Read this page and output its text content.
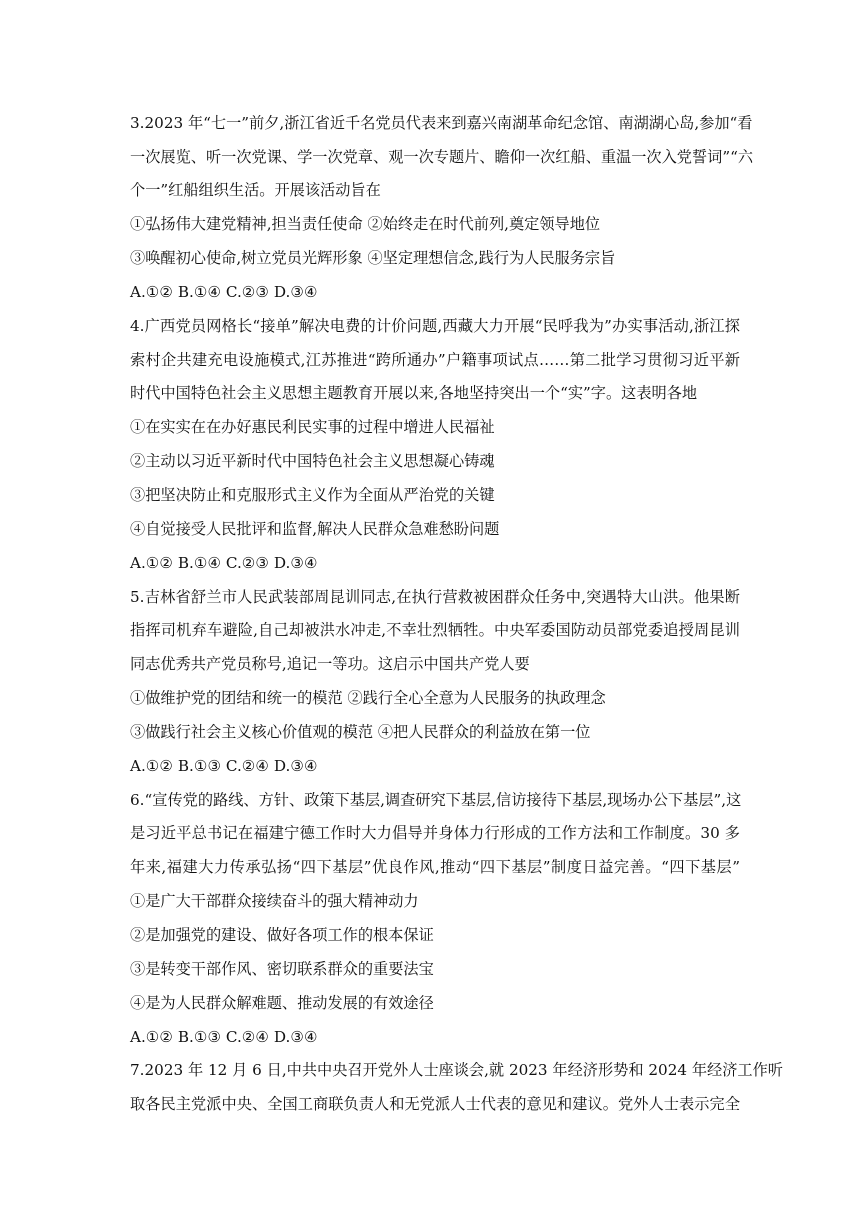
3.2023 年“七一”前夕,浙江省近千名党员代表来到嘉兴南湖革命纪念馆、南湖湖心岛,参加“看
一次展览、听一次党课、学一次党章、观一次专题片、瞻仰一次红船、重温一次入党誓词”“六
个一”红船组织生活。开展该活动旨在
①弘扬伟大建党精神,担当责任使命 ②始终走在时代前列,奠定领导地位
③唤醒初心使命,树立党员光辉形象 ④坚定理想信念,践行为人民服务宗旨
A.①② B.①④ C.②③ D.③④
4.广西党员网格长“接单”解决电费的计价问题,西藏大力开展“民呼我为”办实事活动,浙江探
索村企共建充电设施模式,江苏推进“跨所通办”户籍事项试点……第二批学习贯彻习近平新
时代中国特色社会主义思想主题教育开展以来,各地坚持突出一个“实”字。这表明各地
①在实实在在办好惠民利民实事的过程中增进人民福祉
②主动以习近平新时代中国特色社会主义思想凝心铸魂
③把坚决防止和克服形式主义作为全面从严治党的关键
④自觉接受人民批评和监督,解决人民群众急难愁盼问题
A.①② B.①④ C.②③ D.③④
5.吉林省舒兰市人民武装部周昆训同志,在执行营救被困群众任务中,突遇特大山洪。他果断
指挥司机弃车避险,自己却被洪水冲走,不幸壮烈牺牲。中央军委国防动员部党委追授周昆训
同志优秀共产党员称号,追记一等功。这启示中国共产党人要
①做维护党的团结和统一的模范 ②践行全心全意为人民服务的执政理念
③做践行社会主义核心价值观的模范 ④把人民群众的利益放在第一位
A.①② B.①③ C.②④ D.③④
6.“宣传党的路线、方针、政策下基层,调查研究下基层,信访接待下基层,现场办公下基层”,这
是习近平总书记在福建宁德工作时大力倡导并身体力行形成的工作方法和工作制度。30 多
年来,福建大力传承弘扬“四下基层”优良作风,推动“四下基层”制度日益完善。“四下基层”
①是广大干部群众接续奋斗的强大精神动力
②是加强党的建设、做好各项工作的根本保证
③是转变干部作风、密切联系群众的重要法宝
④是为人民群众解难题、推动发展的有效途径
A.①② B.①③ C.②④ D.③④
7.2023 年 12 月 6 日,中共中央召开党外人士座谈会,就 2023 年经济形势和 2024 年经济工作听
取各民主党派中央、全国工商联负责人和无党派人士代表的意见和建议。党外人士表示完全
